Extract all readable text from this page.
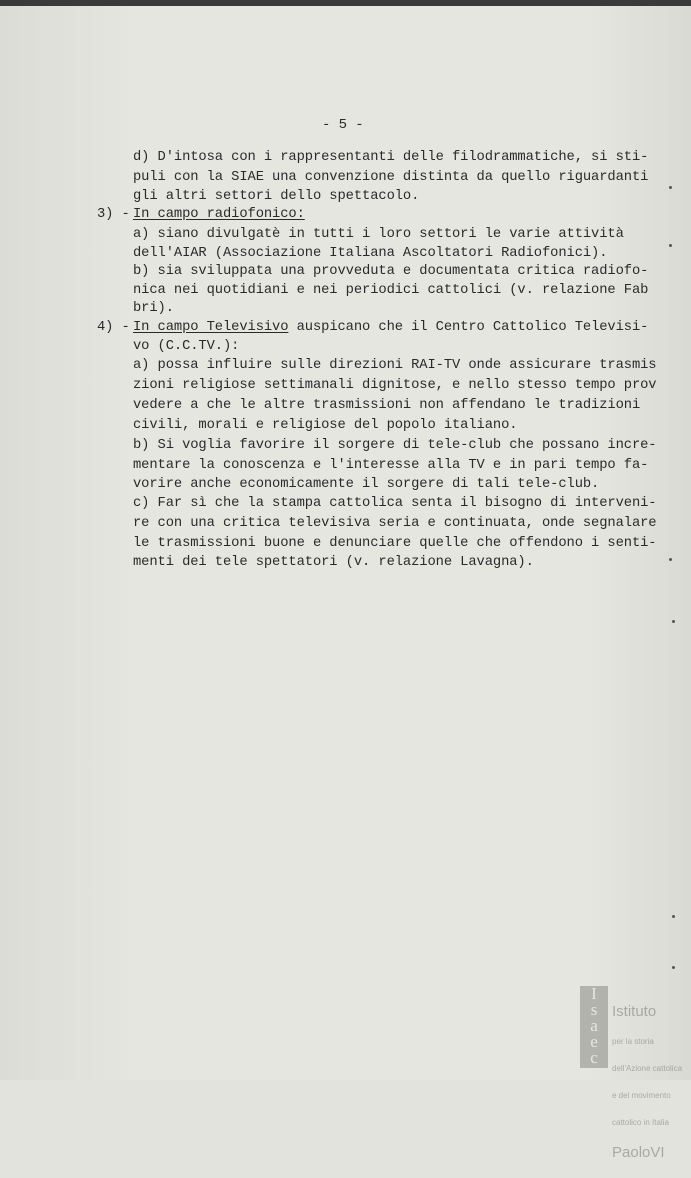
- 5 -
d) D'intosa con i rappresentanti delle filodrammatiche, si sti-
puli con la SIAE una convenzione distinta da quello riguardanti
gli altri settori dello spettacolo.
3) - In campo radiofonico:
a) siano divulgatè in tutti i loro settori le varie attività
dell'AIAR (Associazione Italiana Ascoltatori Radiofonici).
b) sia sviluppata una provveduta e documentata critica radiofo-
nica nei quotidiani e nei periodici cattolici (v. relazione Fab
bri).
4) - In campo Televisivo auspicano che il Centro Cattolico Televisi-
vo (C.C.TV.):
a) possa influire sulle direzioni RAI-TV onde assicurare trasmis
zioni religiose settimanali dignitose, e nello stesso tempo prov
vedere a che le altre trasmissioni non affendano le tradizioni
civili, morali e religiose del popolo italiano.
b) Si voglia favorire il sorgere di tele-club che possano incre-
mentare la conoscenza e l'interesse alla TV e in pari tempo fa-
vorire anche economicamente il sorgere di tali tele-club.
c) Far sì che la stampa cattolica senta il bisogno di interveni-
re con una critica televisiva seria e continuata, onde segnalare
le trasmissioni buone e denunciare quelle che offendono i senti-
menti dei tele spettatori (v. relazione Lavagna).
I
s
a
e
c

Istituto

per la storia

dell'Azione cattolica

e del movimento

cattolico in Italia

PaoloVI
